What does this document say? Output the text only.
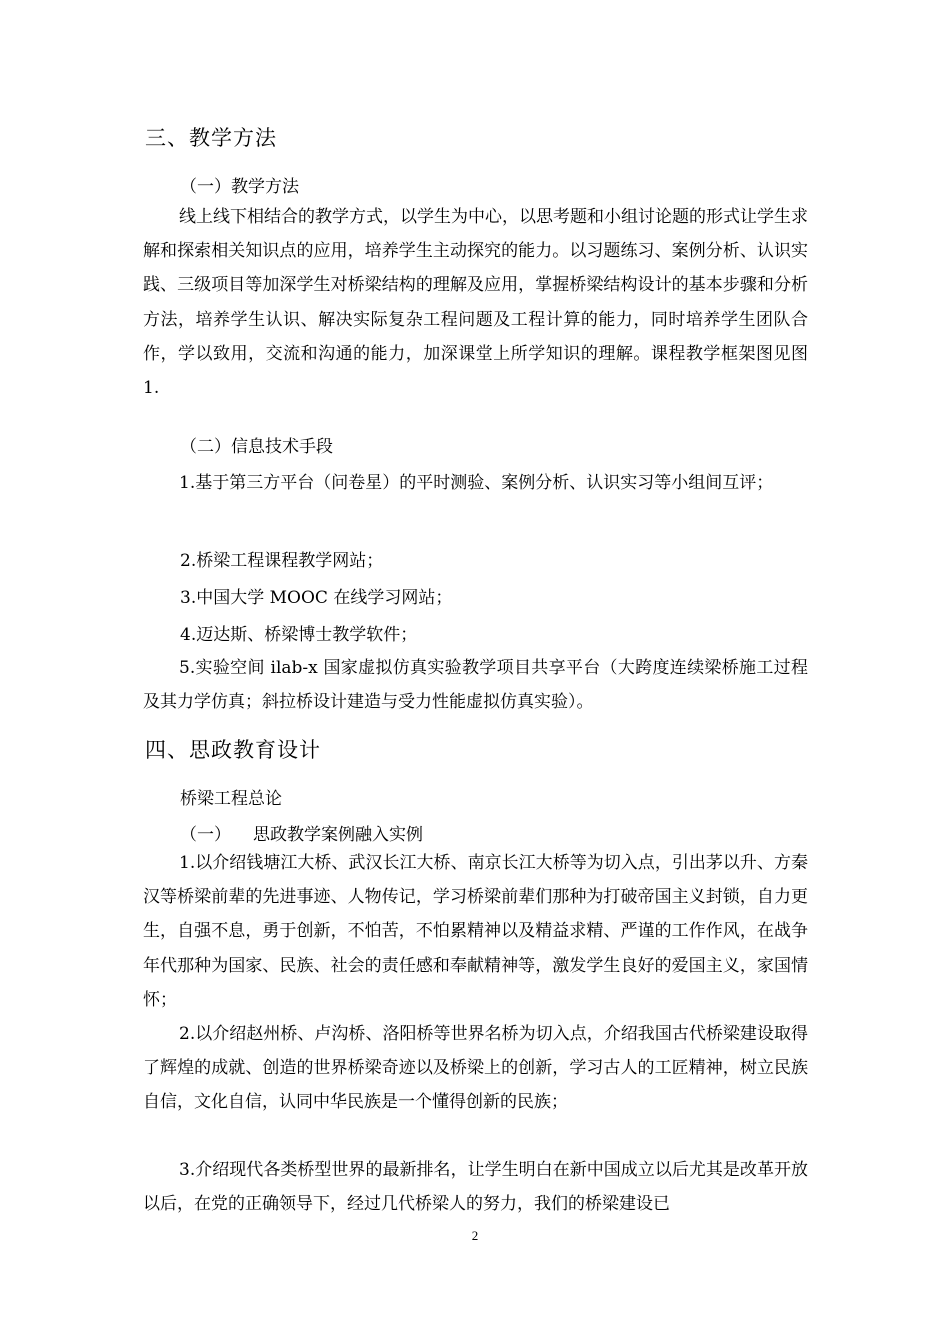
三、教学方法
（一）教学方法
线上线下相结合的教学方式，以学生为中心，以思考题和小组讨论题的形式让学生求解和探索相关知识点的应用，培养学生主动探究的能力。以习题练习、案例分析、认识实践、三级项目等加深学生对桥梁结构的理解及应用，掌握桥梁结构设计的基本步骤和分析方法，培养学生认识、解决实际复杂工程问题及工程计算的能力，同时培养学生团队合作，学以致用，交流和沟通的能力，加深课堂上所学知识的理解。课程教学框架图见图 1.
（二）信息技术手段
1.基于第三方平台（问卷星）的平时测验、案例分析、认识实习等小组间互评；
2.桥梁工程课程教学网站；
3.中国大学 MOOC 在线学习网站；
4.迈达斯、桥梁博士教学软件；
5.实验空间 ilab-x 国家虚拟仿真实验教学项目共享平台（大跨度连续梁桥施工过程及其力学仿真；斜拉桥设计建造与受力性能虚拟仿真实验）。
四、思政教育设计
桥梁工程总论
（一） 思政教学案例融入实例
1.以介绍钱塘江大桥、武汉长江大桥、南京长江大桥等为切入点，引出茅以升、方秦汉等桥梁前辈的先进事迹、人物传记，学习桥梁前辈们那种为打破帝国主义封锁，自力更生，自强不息，勇于创新，不怕苦，不怕累精神以及精益求精、严谨的工作作风，在战争年代那种为国家、民族、社会的责任感和奉献精神等，激发学生良好的爱国主义，家国情怀；
2.以介绍赵州桥、卢沟桥、洛阳桥等世界名桥为切入点，介绍我国古代桥梁建设取得了辉煌的成就、创造的世界桥梁奇迹以及桥梁上的创新，学习古人的工匠精神，树立民族自信，文化自信，认同中华民族是一个懂得创新的民族；
3.介绍现代各类桥型世界的最新排名，让学生明白在新中国成立以后尤其是改革开放以后，在党的正确领导下，经过几代桥梁人的努力，我们的桥梁建设已
2
